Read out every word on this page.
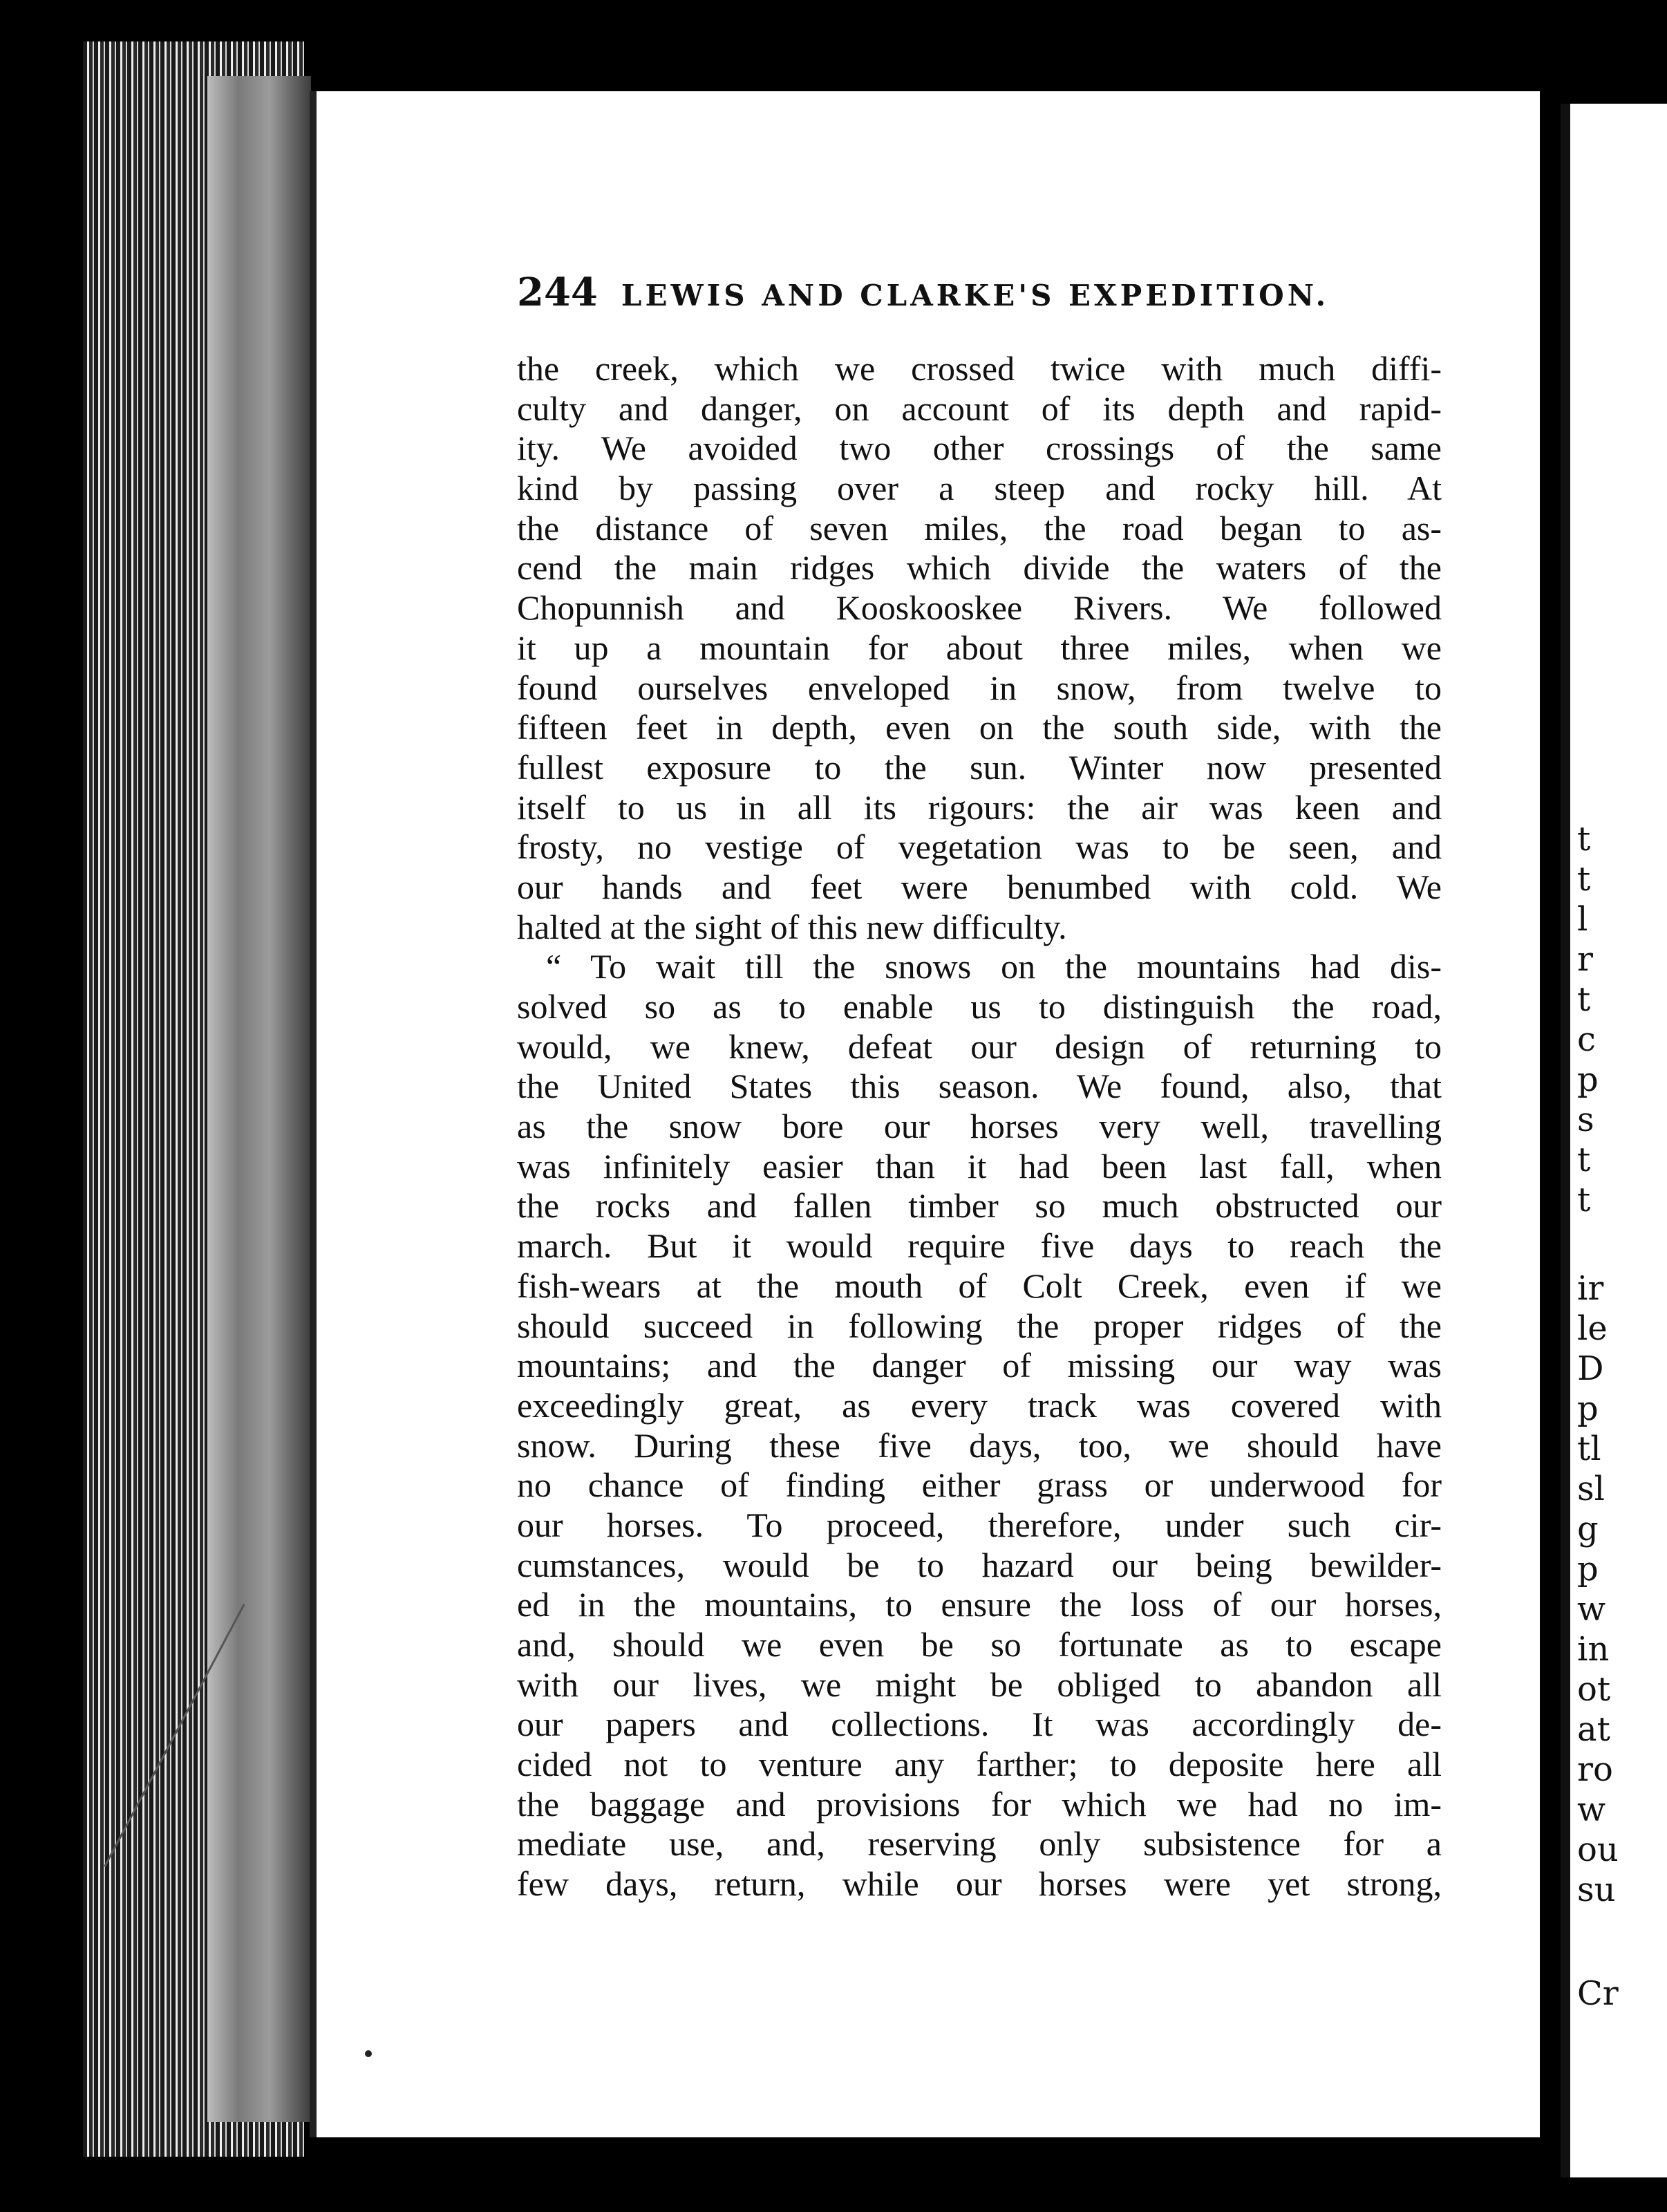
244 LEWIS AND CLARKE'S EXPEDITION.
the creek, which we crossed twice with much diffi-
culty and danger, on account of its depth and rapid-
ity. We avoided two other crossings of the same
kind by passing over a steep and rocky hill. At
the distance of seven miles, the road began to as-
cend the main ridges which divide the waters of the
Chopunnish and Kooskooskee Rivers. We followed
it up a mountain for about three miles, when we
found ourselves enveloped in snow, from twelve to
fifteen feet in depth, even on the south side, with the
fullest exposure to the sun. Winter now presented
itself to us in all its rigours: the air was keen and
frosty, no vestige of vegetation was to be seen, and
our hands and feet were benumbed with cold. We
halted at the sight of this new difficulty.
“ To wait till the snows on the mountains had dis-
solved so as to enable us to distinguish the road,
would, we knew, defeat our design of returning to
the United States this season. We found, also, that
as the snow bore our horses very well, travelling
was infinitely easier than it had been last fall, when
the rocks and fallen timber so much obstructed our
march. But it would require five days to reach the
fish-wears at the mouth of Colt Creek, even if we
should succeed in following the proper ridges of the
mountains; and the danger of missing our way was
exceedingly great, as every track was covered with
snow. During these five days, too, we should have
no chance of finding either grass or underwood for
our horses. To proceed, therefore, under such cir-
cumstances, would be to hazard our being bewilder-
ed in the mountains, to ensure the loss of our horses,
and, should we even be so fortunate as to escape
with our lives, we might be obliged to abandon all
our papers and collections. It was accordingly de-
cided not to venture any farther; to deposite here all
the baggage and provisions for which we had no im-
mediate use, and, reserving only subsistence for a
few days, return, while our horses were yet strong,
t
t
l
r
t
c
p
s
t
t
ir
le
D
p
tl
sl
g
p
w
in
ot
at
ro
w
ou
su
Cr
